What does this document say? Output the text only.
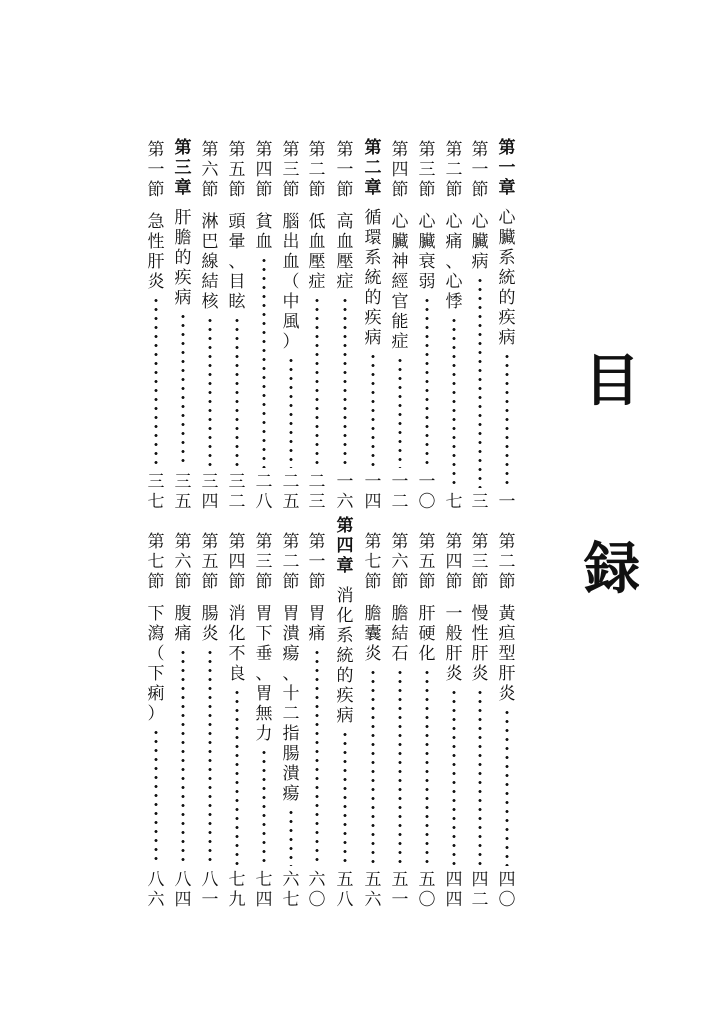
目
録
第
一
章
心
臟
系
統
的
疾
病
一
第
一
節
心
臟
病
三
第
二
節
心
痛
、
心
悸
七
第
三
節
心
臟
衰
弱
一
〇
第
四
節
心
臟
神
經
官
能
症
一
二
第
二
章
循
環
系
統
的
疾
病
一
四
第
一
節
高
血
壓
症
一
六
第
二
節
低
血
壓
症
二
三
第
三
節
腦
出
血
（
中
風
）
二
五
第
四
節
貧
血
二
八
第
五
節
頭
暈
、
目
眩
三
二
第
六
節
淋
巴
線
結
核
三
四
第
三
章
肝
膽
的
疾
病
三
五
第
一
節
急
性
肝
炎
三
七
第
二
節
黃
疸
型
肝
炎
四
〇
第
三
節
慢
性
肝
炎
四
二
第
四
節
一
般
肝
炎
四
四
第
五
節
肝
硬
化
五
〇
第
六
節
膽
結
石
五
一
第
七
節
膽
囊
炎
五
六
第
四
章
消
化
系
統
的
疾
病
五
八
第
一
節
胃
痛
六
〇
第
二
節
胃
潰
瘍
、
十
二
指
腸
潰
瘍
六
七
第
三
節
胃
下
垂
、
胃
無
力
七
四
第
四
節
消
化
不
良
七
九
第
五
節
腸
炎
八
一
第
六
節
腹
痛
八
四
第
七
節
下
瀉
（
下
痢
）
八
六
